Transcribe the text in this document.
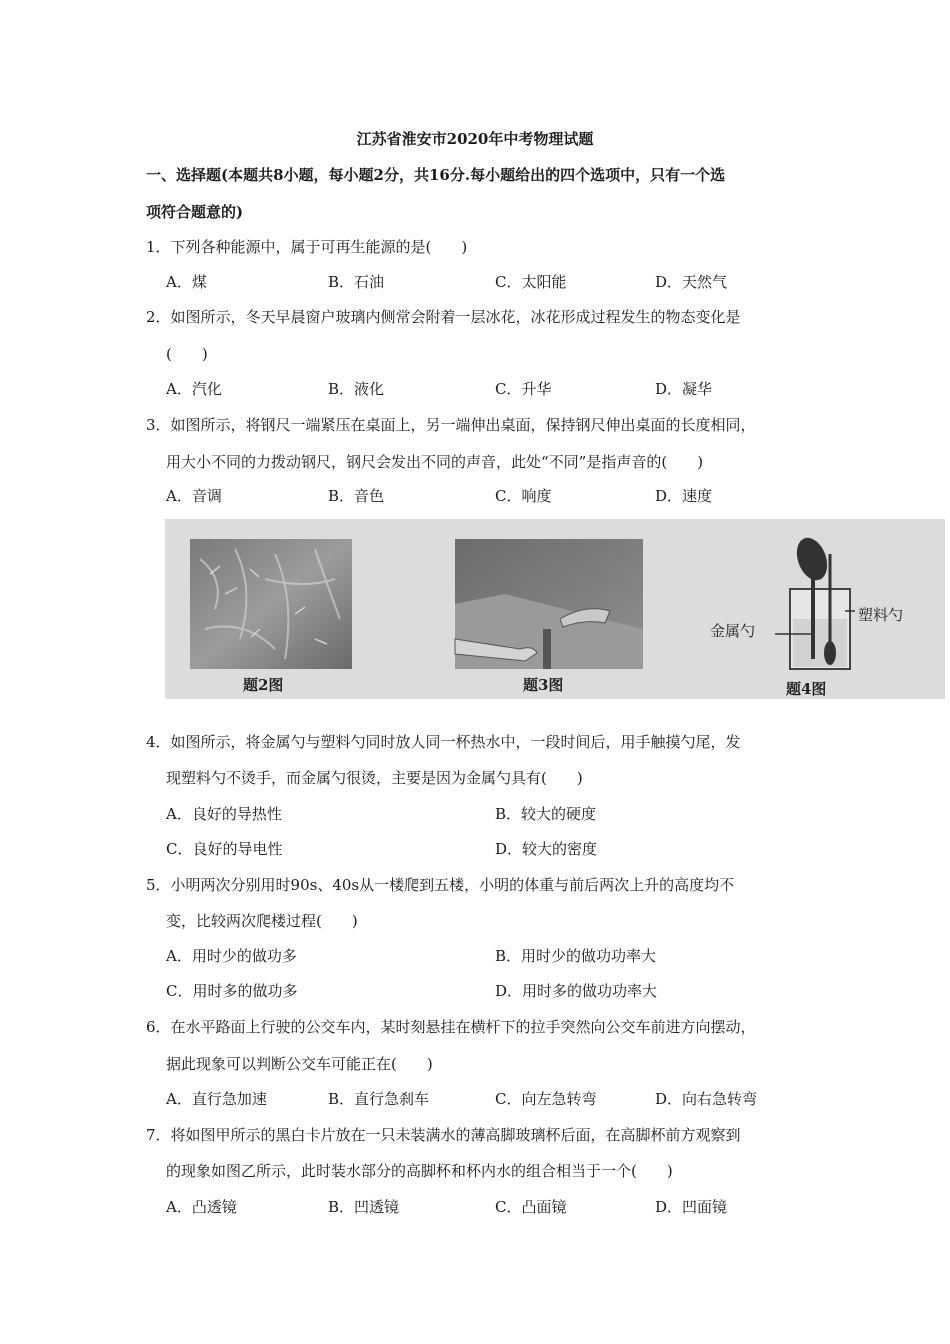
江苏省淮安市2020年中考物理试题
一、选择题(本题共8小题，每小题2分，共16分.每小题给出的四个选项中，只有一个选
项符合题意的)
1．下列各种能源中，属于可再生能源的是(　　)
A．煤	B．石油	C．太阳能	D．天然气
2．如图所示，冬天早晨窗户玻璃内侧常会附着一层冰花，冰花形成过程发生的物态变化是
(　　)
A．汽化	B．液化	C．升华	D．凝华
3．如图所示，将钢尺一端紧压在桌面上，另一端伸出桌面，保持钢尺伸出桌面的长度相同，
用大小不同的力拨动钢尺，钢尺会发出不同的声音，此处“不同”是指声音的(　　)
A．音调	B．音色	C．响度	D．速度
题2图	题3图	题4图
金属勺
塑料勺
4．如图所示，将金属勺与塑料勺同时放人同一杯热水中，一段时间后，用手触摸勺尾，发
现塑料勺不烫手，而金属勺很烫，主要是因为金属勺具有(　　)
A．良好的导热性	B．较大的硬度
C．良好的导电性	D．较大的密度
5．小明两次分别用时90s、40s从一楼爬到五楼，小明的体重与前后两次上升的高度均不
变，比较两次爬楼过程(　　)
A．用时少的做功多	B．用时少的做功功率大
C．用时多的做功多	D．用时多的做功功率大
6．在水平路面上行驶的公交车内，某时刻悬挂在横杆下的拉手突然向公交车前进方向摆动，
据此现象可以判断公交车可能正在(　　)
A．直行急加速	B．直行急刹车	C．向左急转弯	D．向右急转弯
7．将如图甲所示的黑白卡片放在一只未装满水的薄高脚玻璃杯后面，在高脚杯前方观察到
的现象如图乙所示，此时装水部分的高脚杯和杯内水的组合相当于一个(　　)
A．凸透镜	B．凹透镜	C．凸面镜	D．凹面镜
